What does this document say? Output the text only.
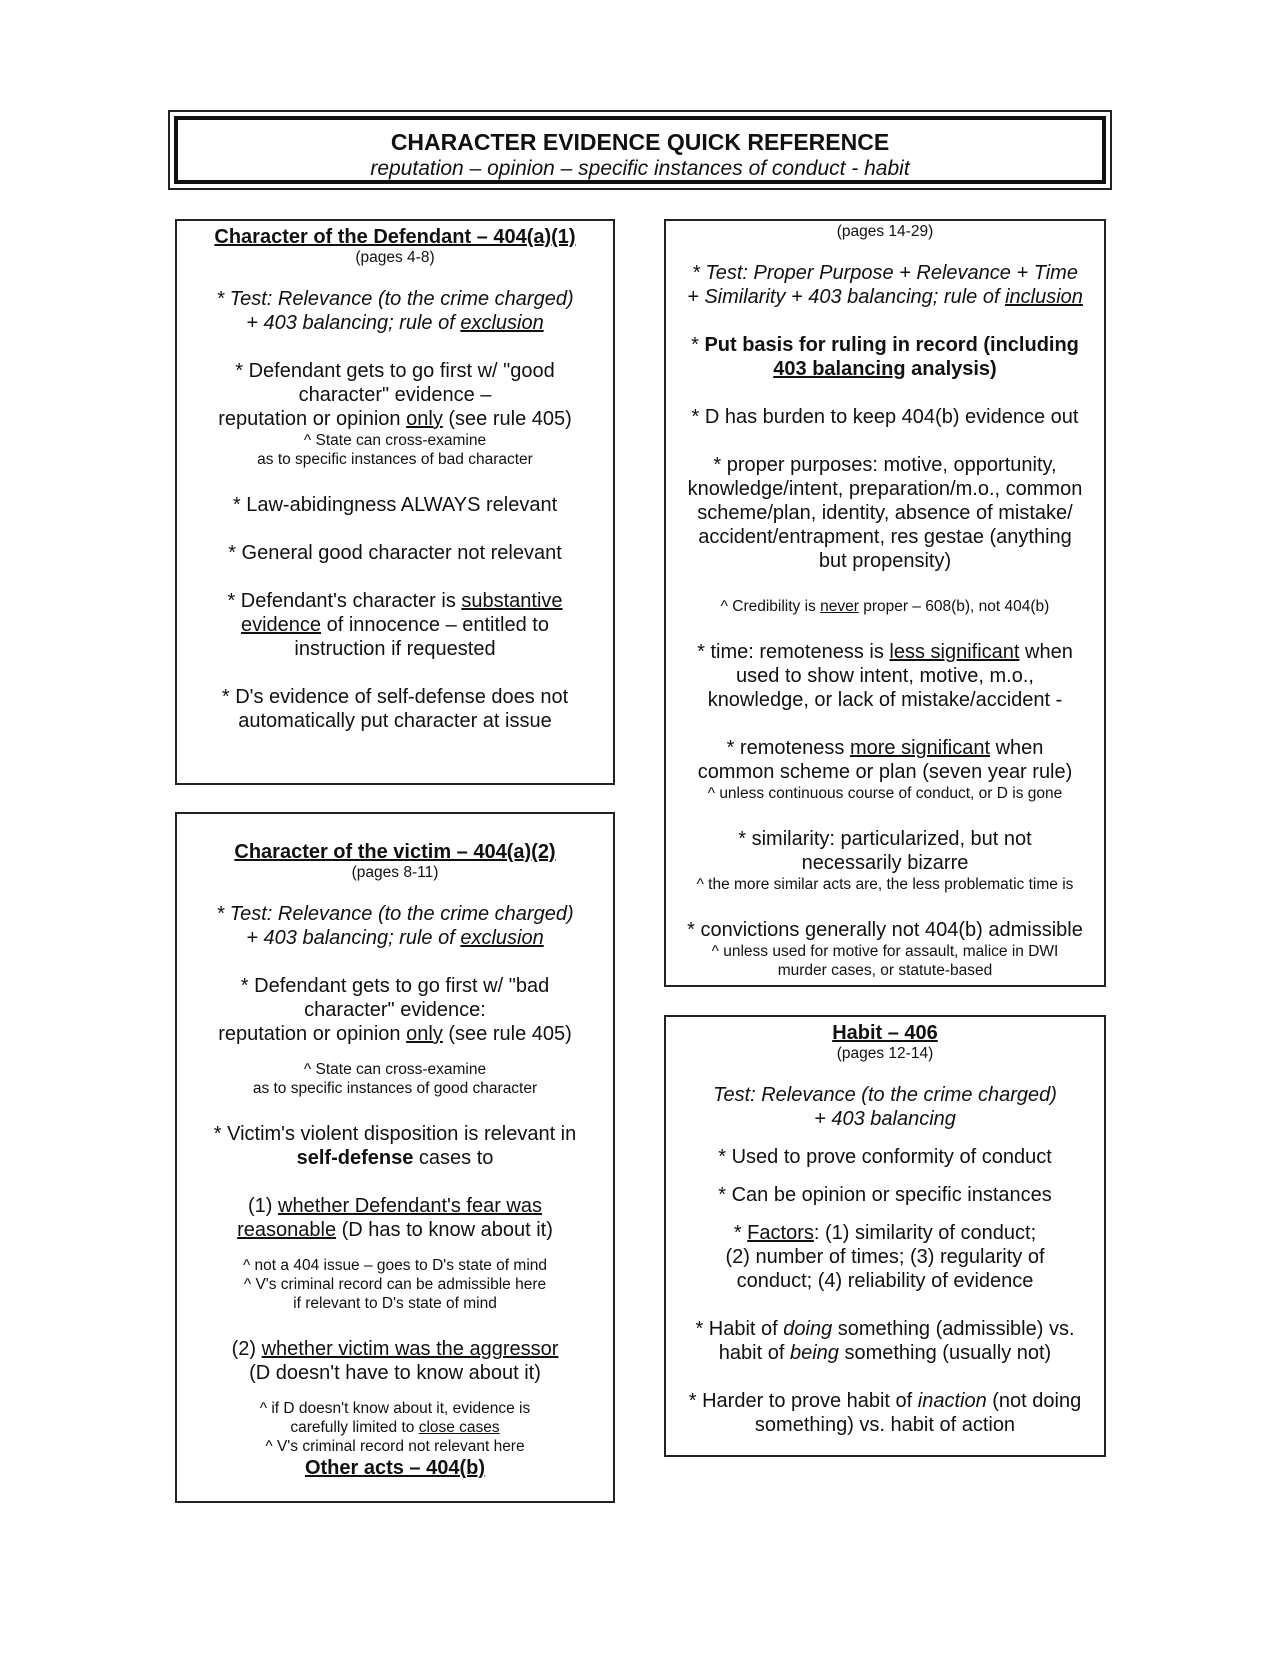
CHARACTER EVIDENCE QUICK REFERENCE
reputation – opinion – specific instances of conduct - habit

Character of the Defendant – 404(a)(1)

(pages 4-8)

* Test: Relevance (to the crime charged)

+ 403 balancing; rule of exclusion

* Defendant gets to go first w/ "good

character" evidence –

reputation or opinion only (see rule 405)

^ State can cross-examine

as to specific instances of bad character

* Law-abidingness ALWAYS relevant

* General good character not relevant

* Defendant's character is substantive

evidence of innocence – entitled to

instruction if requested

* D's evidence of self-defense does not

automatically put character at issue

Character of the victim – 404(a)(2)

(pages 8-11)

* Test: Relevance (to the crime charged)

+ 403 balancing; rule of exclusion

* Defendant gets to go first w/ "bad

character" evidence:

reputation or opinion only (see rule 405)

^ State can cross-examine

as to specific instances of good character

* Victim's violent disposition is relevant in

self-defense cases to

(1) whether Defendant's fear was

reasonable (D has to know about it)

^ not a 404 issue – goes to D's state of mind

^ V's criminal record can be admissible here

if relevant to D's state of mind

(2) whether victim was the aggressor

(D doesn't have to know about it)

^ if D doesn't know about it, evidence is

carefully limited to close cases

^ V's criminal record not relevant here

Other acts – 404(b)

(pages 14-29)

* Test: Proper Purpose + Relevance + Time

+ Similarity + 403 balancing; rule of inclusion

* Put basis for ruling in record (including

403 balancing analysis)

* D has burden to keep 404(b) evidence out

* proper purposes: motive, opportunity,

knowledge/intent, preparation/m.o., common

scheme/plan, identity, absence of mistake/

accident/entrapment, res gestae (anything

but propensity)

^ Credibility is never proper – 608(b), not 404(b)

* time: remoteness is less significant when

used to show intent, motive, m.o.,

knowledge, or lack of mistake/accident -

* remoteness more significant when

common scheme or plan (seven year rule)

^ unless continuous course of conduct, or D is gone

* similarity: particularized, but not

necessarily bizarre

^ the more similar acts are, the less problematic time is

* convictions generally not 404(b) admissible

^ unless used for motive for assault, malice in DWI

murder cases, or statute-based

Habit – 406

(pages 12-14)

Test: Relevance (to the crime charged)

+ 403 balancing

* Used to prove conformity of conduct

* Can be opinion or specific instances

* Factors: (1) similarity of conduct;

(2) number of times; (3) regularity of

conduct; (4) reliability of evidence

* Habit of doing something (admissible) vs.

habit of being something (usually not)

* Harder to prove habit of inaction (not doing

something) vs. habit of action
